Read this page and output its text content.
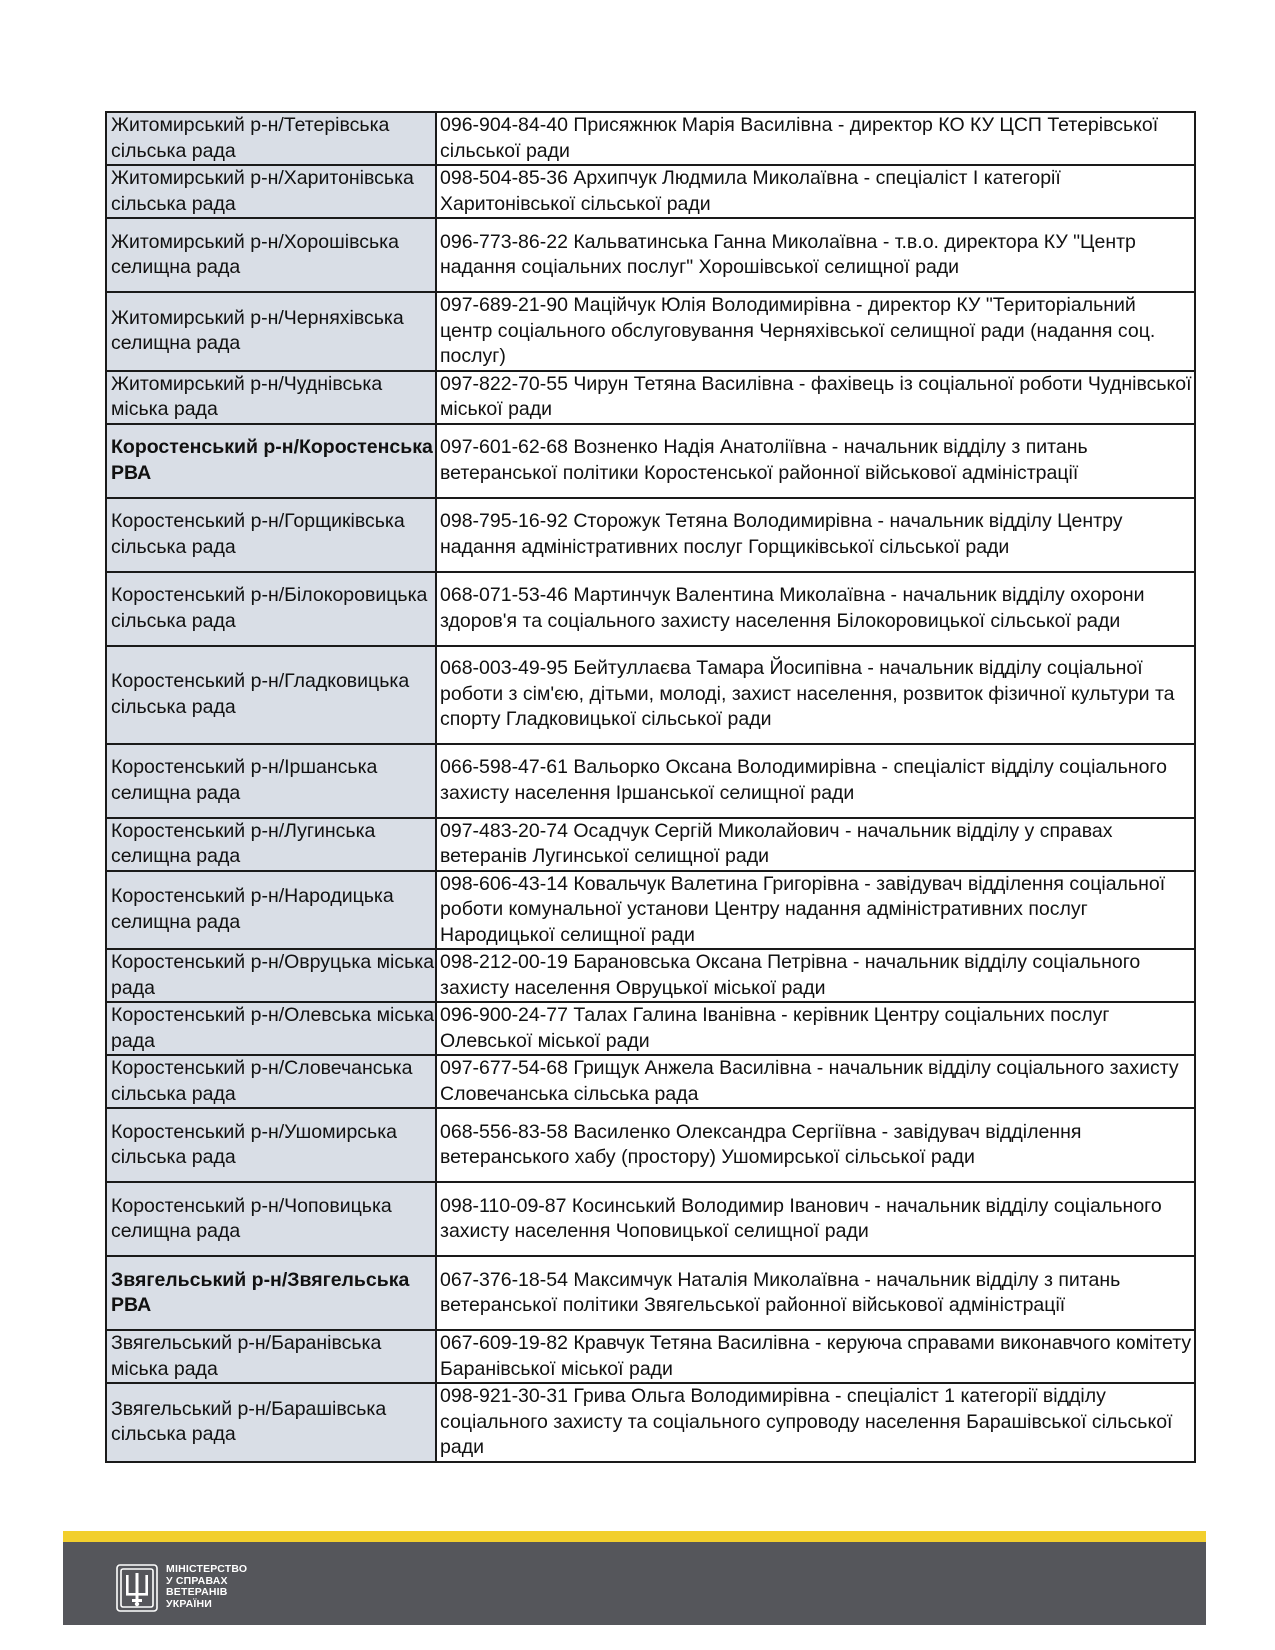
Житомирський р-н/Тетерівська сільська рада	096-904-84-40 Присяжнюк Марія Василівна - директор КО КУ ЦСП Тетерівської сільської ради
Житомирський р-н/Харитонівська сільська рада	098-504-85-36 Архипчук Людмила Миколаївна - спеціаліст І категорії Харитонівської сільської ради
Житомирський р-н/Хорошівська селищна рада	096-773-86-22 Кальватинська Ганна Миколаївна - т.в.о. директора КУ "Центр надання соціальних послуг" Хорошівської селищної ради
Житомирський р-н/Черняхівська селищна рада	097-689-21-90 Маційчук Юлія Володимирівна - директор КУ "Територіальний центр соціального обслуговування Черняхівської селищної ради (надання соц. послуг)
Житомирський р-н/Чуднівська міська рада	097-822-70-55 Чирун Тетяна Василівна - фахівець із соціальної роботи Чуднівської міської ради
Коростенський р-н/Коростенська РВА	097-601-62-68 Возненко Надія Анатоліївна - начальник відділу з питань ветеранської політики Коростенської районної військової адміністрації
Коростенський р-н/Горщиківська сільська рада	098-795-16-92 Сторожук Тетяна Володимирівна - начальник відділу Центру надання адміністративних послуг Горщиківської сільської ради
Коростенський р-н/Білокоровицька сільська рада	068-071-53-46 Мартинчук Валентина Миколаївна - начальник відділу охорони здоров'я та соціального захисту населення Білокоровицької сільської ради
Коростенський р-н/Гладковицька сільська рада	068-003-49-95 Бейтуллаєва Тамара Йосипівна - начальник відділу соціальної роботи з сім'єю, дітьми, молоді, захист населення, розвиток фізичної культури та спорту Гладковицької сільської ради
Коростенський р-н/Іршанська селищна рада	066-598-47-61 Вальорко Оксана Володимирівна - спеціаліст відділу соціального захисту населення Іршанської селищної ради
Коростенський р-н/Лугинська селищна рада	097-483-20-74 Осадчук Сергій Миколайович - начальник відділу у справах ветеранів Лугинської селищної ради
Коростенський р-н/Народицька селищна рада	098-606-43-14 Ковальчук Валетина Григорівна - завідувач відділення соціальної роботи комунальної установи Центру надання адміністративних послуг Народицької селищної ради
Коростенський р-н/Овруцька міська рада	098-212-00-19 Барановська Оксана Петрівна - начальник відділу соціального захисту населення Овруцької міської ради
Коростенський р-н/Олевська міська рада	096-900-24-77 Талах Галина Іванівна - керівник Центру соціальних послуг Олевської міської ради
Коростенський р-н/Словечанська сільська рада	097-677-54-68 Грищук Анжела Василівна - начальник відділу соціального захисту Словечанська сільська рада
Коростенський р-н/Ушомирська сільська рада	068-556-83-58 Василенко Олександра Сергіївна - завідувач відділення ветеранського хабу (простору) Ушомирської сільської ради
Коростенський р-н/Чоповицька селищна рада	098-110-09-87 Косинський Володимир Іванович - начальник відділу соціального захисту населення Чоповицької селищної ради
Звягельський р-н/Звягельська РВА	067-376-18-54 Максимчук Наталія Миколаївна - начальник відділу з питань ветеранської політики Звягельської районної військової адміністрації
Звягельський р-н/Баранівська міська рада	067-609-19-82 Кравчук Тетяна Василівна - керуюча справами виконавчого комітету Баранівської міської ради
Звягельський р-н/Барашівська сільська рада	098-921-30-31 Грива Ольга Володимирівна - спеціаліст 1 категорії відділу соціального захисту та соціального супроводу населення Барашівської сільської ради
МІНІСТЕРСТВО
У СПРАВАХ
ВЕТЕРАНІВ
УКРАЇНИ
